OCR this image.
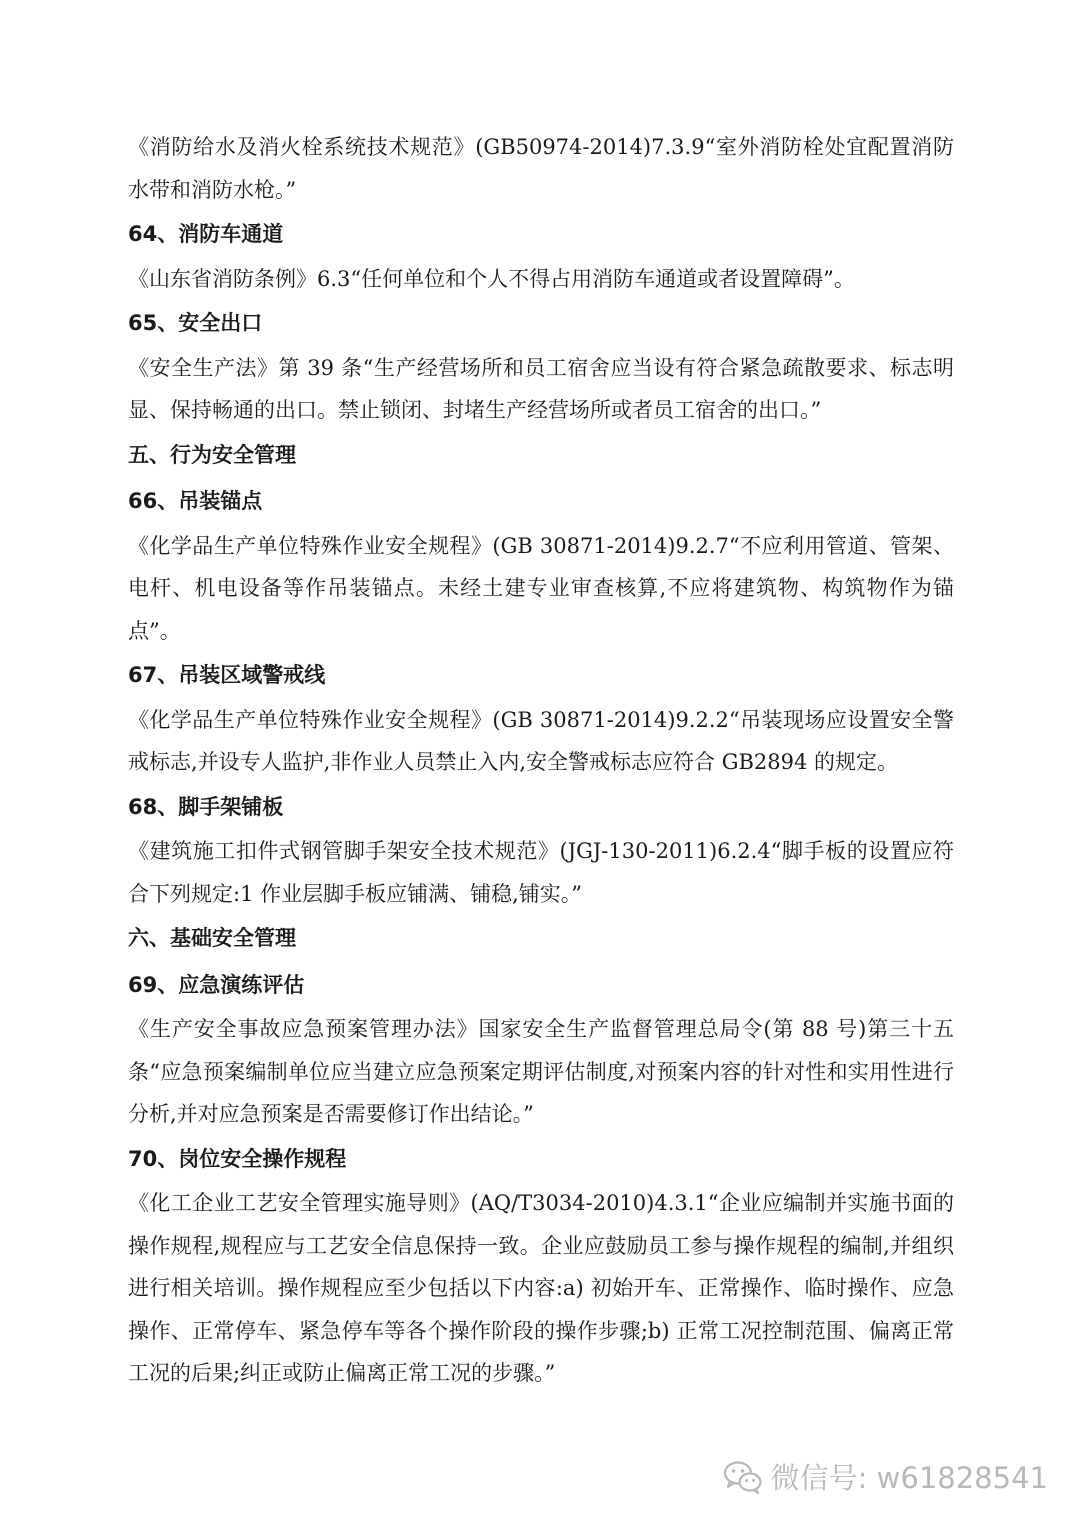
《消防给水及消火栓系统技术规范》(GB50974-2014)7.3.9“室外消防栓处宜配置消防水带和消防水枪。”

64、消防车通道

《山东省消防条例》6.3“任何单位和个人不得占用消防车通道或者设置障碍”。

65、安全出口

《安全生产法》第 39 条“生产经营场所和员工宿舍应当设有符合紧急疏散要求、标志明显、保持畅通的出口。禁止锁闭、封堵生产经营场所或者员工宿舍的出口。”

五、行为安全管理

66、吊装锚点

《化学品生产单位特殊作业安全规程》(GB 30871-2014)9.2.7“不应利用管道、管架、电杆、机电设备等作吊装锚点。未经土建专业审查核算,不应将建筑物、构筑物作为锚点”。

67、吊装区域警戒线

《化学品生产单位特殊作业安全规程》(GB 30871-2014)9.2.2“吊装现场应设置安全警戒标志,并设专人监护,非作业人员禁止入内,安全警戒标志应符合 GB2894 的规定。

68、脚手架铺板

《建筑施工扣件式钢管脚手架安全技术规范》(JGJ-130-2011)6.2.4“脚手板的设置应符合下列规定:1 作业层脚手板应铺满、铺稳,铺实。”

六、基础安全管理

69、应急演练评估

《生产安全事故应急预案管理办法》国家安全生产监督管理总局令(第 88 号)第三十五条“应急预案编制单位应当建立应急预案定期评估制度,对预案内容的针对性和实用性进行分析,并对应急预案是否需要修订作出结论。”

70、岗位安全操作规程

《化工企业工艺安全管理实施导则》(AQ/T3034-2010)4.3.1“企业应编制并实施书面的操作规程,规程应与工艺安全信息保持一致。企业应鼓励员工参与操作规程的编制,并组织进行相关培训。操作规程应至少包括以下内容:a) 初始开车、正常操作、临时操作、应急操作、正常停车、紧急停车等各个操作阶段的操作步骤;b) 正常工况控制范围、偏离正常工况的后果;纠正或防止偏离正常工况的步骤。”

微信号: w61828541
